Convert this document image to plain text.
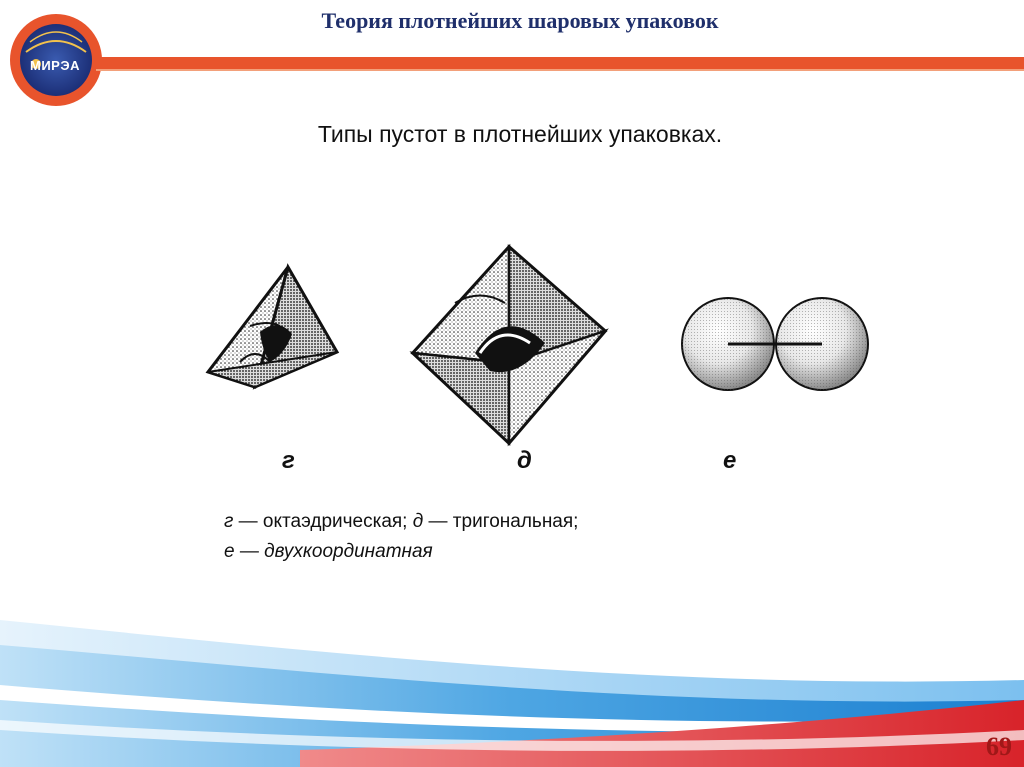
МИРЭА
Теория плотнейших шаровых упаковок
Типы пустот в плотнейших упаковках.
г	д	е
г — октаэдрическая; д — тригональная;
е — двухкоординатная
69
